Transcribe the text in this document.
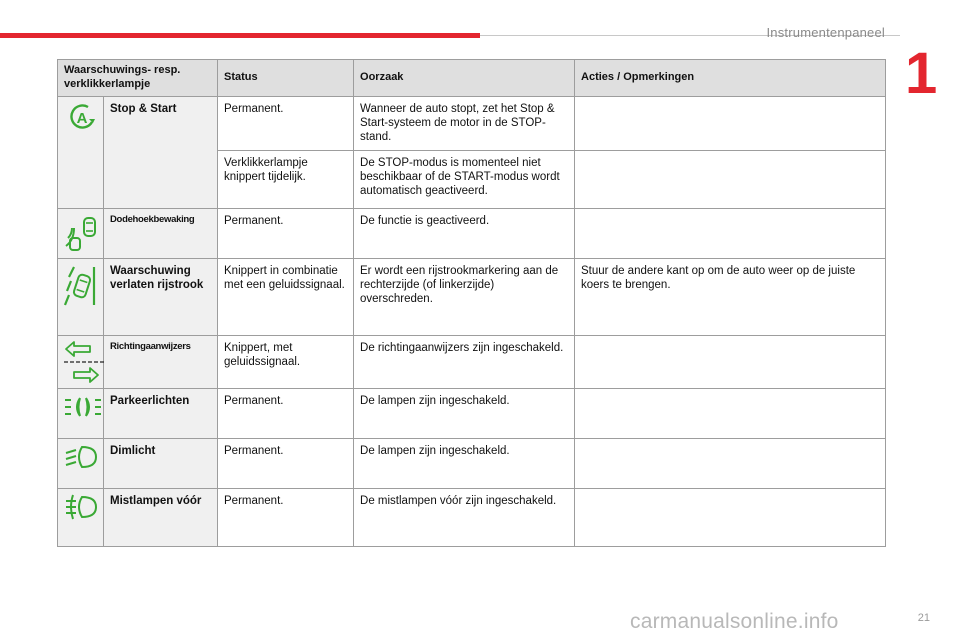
Instrumentenpaneel
1
Waarschuwings- resp. verklikkerlampje		Status	Oorzaak	Acties / Opmerkingen

A	Stop & Start	Permanent.	Wanneer de auto stopt, zet het Stop & Start-systeem de motor in de STOP-stand.	
		Verklikkerlampje knippert tijdelijk.	De STOP-modus is momenteel niet beschikbaar of de START-modus wordt automatisch geactiveerd.	

	Dodehoekbewaking	Permanent.	De functie is geactiveerd.	

	Waarschuwing verlaten rijstrook	Knippert in combinatie met een geluidssignaal.	Er wordt een rijstrookmarkering aan de rechterzijde (of linkerzijde) overschreden.	Stuur de andere kant op om de auto weer op de juiste koers te brengen.

	Richtingaanwijzers	Knippert, met geluidssignaal.	De richtingaanwijzers zijn ingeschakeld.	

	Parkeerlichten	Permanent.	De lampen zijn ingeschakeld.	

	Dimlicht	Permanent.	De lampen zijn ingeschakeld.	

	Mistlampen vóór	Permanent.	De mistlampen vóór zijn ingeschakeld.	
carmanualsonline.info	21
